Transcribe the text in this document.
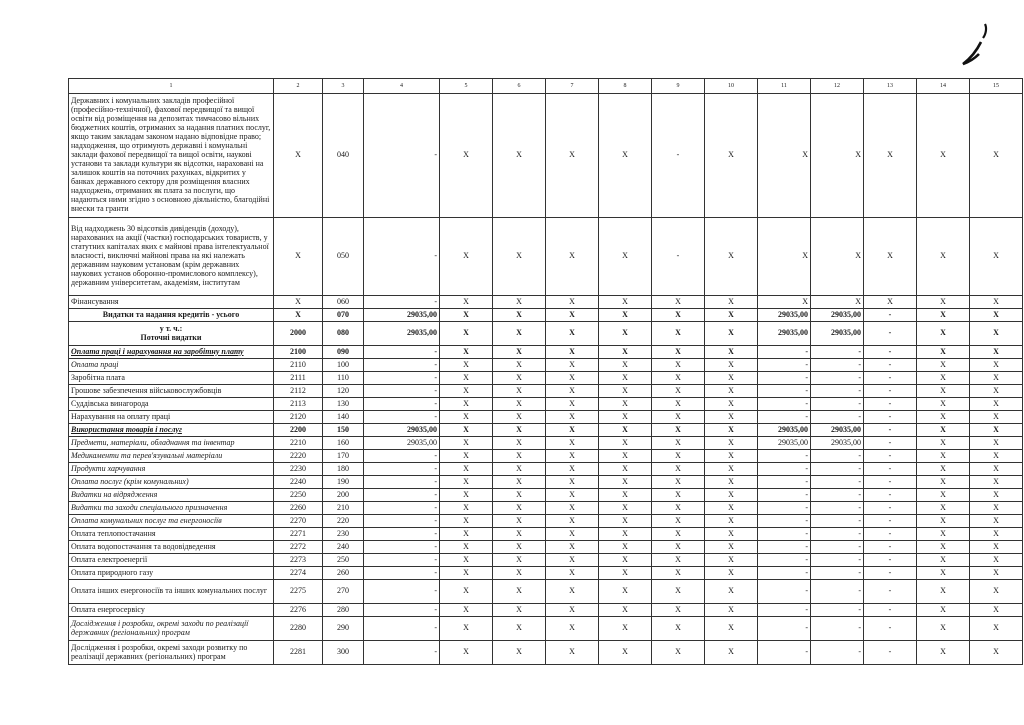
1	2	3	4	5	6	7	8	9	10	11	12	13	14	15
Державних і комунальних закладів професійної (професійно-технічної), фахової передвищої та вищої освіти від розміщення на депозитах тимчасово вільних бюджетних коштів, отриманих за надання платних послуг, якщо таким закладам законом надано відповідне право; надходження, що отримують державні і комунальні заклади фахової передвищої та вищої освіти, наукові установи та заклади культури як відсотки, нараховані на залишок коштів на поточних рахунках, відкритих у банках державного сектору для розміщення власних надходжень, отриманих як плата за послуги, що надаються ними згідно з основною діяльністю, благодійні внески та гранти	X	040	-	X	X	X	X	-	X	X	X	X	X	X
Від надходжень 30 відсотків дивідендів (доходу), нарахованих на акції (частки) господарських товариств, у статутних капіталах яких є майнові права інтелектуальної власності, виключні майнові права на які належать державним науковим установам (крім державних наукових установ оборонно-промислового комплексу), державним університетам, академіям, інститутам	X	050	-	X	X	X	X	-	X	X	X	X	X	X
Фінансування	X	060	-	X	X	X	X	X	X	X	X	X	X	X
Видатки та надання кредитів - усього	X	070	29035,00	X	X	X	X	X	X	29035,00	29035,00	-	X	X
у т. ч.:
Поточні видатки	2000	080	29035,00	X	X	X	X	X	X	29035,00	29035,00	-	X	X
Оплата праці і нарахування на заробітну плату	2100	090	-	X	X	X	X	X	X	-	-	-	X	X
Оплата праці	2110	100	-	X	X	X	X	X	X	-	-	-	X	X
Заробітна плата	2111	110	-	X	X	X	X	X	X	-	-	-	X	X
Грошове забезпечення військовослужбовців	2112	120	-	X	X	X	X	X	X	-	-	-	X	X
Суддівська винагорода	2113	130	-	X	X	X	X	X	X	-	-	-	X	X
Нарахування на оплату праці	2120	140	-	X	X	X	X	X	X	-	-	-	X	X
Використання товарів і послуг	2200	150	29035,00	X	X	X	X	X	X	29035,00	29035,00	-	X	X
Предмети, матеріали, обладнання та інвентар	2210	160	29035,00	X	X	X	X	X	X	29035,00	29035,00	-	X	X
Медикаменти та перев'язувальні матеріали	2220	170	-	X	X	X	X	X	X	-	-	-	X	X
Продукти харчування	2230	180	-	X	X	X	X	X	X	-	-	-	X	X
Оплата послуг (крім комунальних)	2240	190	-	X	X	X	X	X	X	-	-	-	X	X
Видатки на відрядження	2250	200	-	X	X	X	X	X	X	-	-	-	X	X
Видатки та заходи спеціального призначення	2260	210	-	X	X	X	X	X	X	-	-	-	X	X
Оплата комунальних послуг та енергоносіїв	2270	220	-	X	X	X	X	X	X	-	-	-	X	X
Оплата теплопостачання	2271	230	-	X	X	X	X	X	X	-	-	-	X	X
Оплата водопостачання та водовідведення	2272	240	-	X	X	X	X	X	X	-	-	-	X	X
Оплата електроенергії	2273	250	-	X	X	X	X	X	X	-	-	-	X	X
Оплата природного газу	2274	260	-	X	X	X	X	X	X	-	-	-	X	X
Оплата інших енергоносіїв та інших комунальних послуг	2275	270	-	X	X	X	X	X	X	-	-	-	X	X
Оплата енергосервісу	2276	280	-	X	X	X	X	X	X	-	-	-	X	X
Дослідження і розробки, окремі заходи по реалізації державних (регіональних) програм	2280	290	-	X	X	X	X	X	X	-	-	-	X	X
Дослідження і розробки, окремі заходи розвитку по реалізації державних (регіональних) програм	2281	300	-	X	X	X	X	X	X	-	-	-	X	X
